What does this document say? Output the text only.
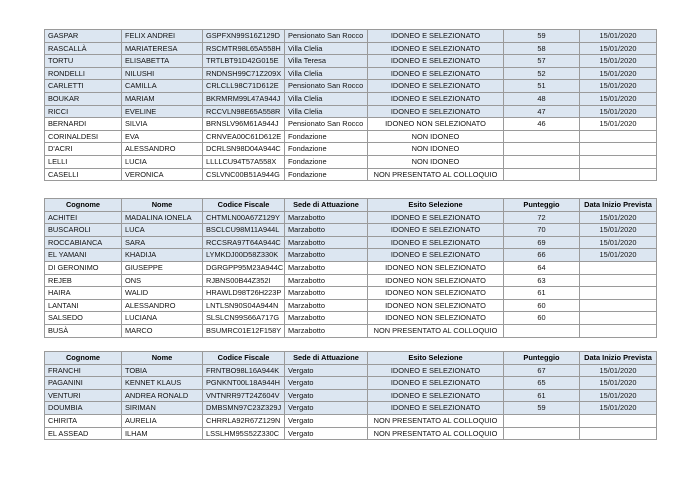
GASPAR	FELIX ANDREI	GSPFXN99S16Z129D	Pensionato San Rocco	IDONEO E SELEZIONATO	59	15/01/2020
RASCALLÀ	MARIATERESA	RSCMTR98L65A558H	Villa Clelia	IDONEO E SELEZIONATO	58	15/01/2020
TORTU	ELISABETTA	TRTLBT91D42G015E	Villa Teresa	IDONEO E SELEZIONATO	57	15/01/2020
RONDELLI	NILUSHI	RNDNSH99C71Z209X	Villa Clelia	IDONEO E SELEZIONATO	52	15/01/2020
CARLETTI	CAMILLA	CRLCLL98C71D612E	Pensionato San Rocco	IDONEO E SELEZIONATO	51	15/01/2020
BOUKAR	MARIAM	BKRMRM99L47A944J	Villa Clelia	IDONEO E SELEZIONATO	48	15/01/2020
RICCI	EVELINE	RCCVLN98E65A558R	Villa Clelia	IDONEO E SELEZIONATO	47	15/01/2020
BERNARDI	SILVIA	BRNSLV96M61A944J	Pensionato San Rocco	IDONEO NON SELEZIONATO	46	15/01/2020
CORINALDESI	EVA	CRNVEA00C61D612E	Fondazione	NON IDONEO		
D'ACRI	ALESSANDRO	DCRLSN98D04A944C	Fondazione	NON IDONEO		
LELLI	LUCIA	LLLLCU94T57A558X	Fondazione	NON IDONEO		
CASELLI	VERONICA	CSLVNC00B51A944G	Fondazione	NON PRESENTATO AL COLLOQUIO		
Cognome	Nome	Codice Fiscale	Sede di Attuazione	Esito Selezione	Punteggio	Data Inizio Prevista
ACHITEI	MADALINA IONELA	CHTMLN00A67Z129Y	Marzabotto	IDONEO E SELEZIONATO	72	15/01/2020
BUSCAROLI	LUCA	BSCLCU98M11A944L	Marzabotto	IDONEO E SELEZIONATO	70	15/01/2020
ROCCABIANCA	SARA	RCCSRA97T64A944C	Marzabotto	IDONEO E SELEZIONATO	69	15/01/2020
EL YAMANI	KHADIJA	LYMKDJ00D58Z330K	Marzabotto	IDONEO E SELEZIONATO	66	15/01/2020
DI GERONIMO	GIUSEPPE	DGRGPP95M23A944C	Marzabotto	IDONEO NON SELEZIONATO	64	
REJEB	ONS	RJBNS00B44Z352I	Marzabotto	IDONEO NON SELEZIONATO	63	
HAIRA	WALID	HRAWLD98T26H223P	Marzabotto	IDONEO NON SELEZIONATO	61	
LANTANI	ALESSANDRO	LNTLSN90S04A944N	Marzabotto	IDONEO NON SELEZIONATO	60	
SALSEDO	LUCIANA	SLSLCN99S66A717G	Marzabotto	IDONEO NON SELEZIONATO	60	
BUSÀ	MARCO	BSUMRC01E12F158Y	Marzabotto	NON PRESENTATO AL COLLOQUIO		
Cognome	Nome	Codice Fiscale	Sede di Attuazione	Esito Selezione	Punteggio	Data Inizio Prevista
FRANCHI	TOBIA	FRNTBO98L16A944K	Vergato	IDONEO E SELEZIONATO	67	15/01/2020
PAGANINI	KENNET KLAUS	PGNKNT00L18A944H	Vergato	IDONEO E SELEZIONATO	65	15/01/2020
VENTURI	ANDREA RONALD	VNTNRR97T24Z604V	Vergato	IDONEO E SELEZIONATO	61	15/01/2020
DOUMBIA	SIRIMAN	DMBSMN97C23Z329J	Vergato	IDONEO E SELEZIONATO	59	15/01/2020
CHIRITA	AURELIA	CHRRLA92R67Z129N	Vergato	NON PRESENTATO AL COLLOQUIO		
EL ASSEAD	ILHAM	LSSLHM95S52Z330C	Vergato	NON PRESENTATO AL COLLOQUIO		
